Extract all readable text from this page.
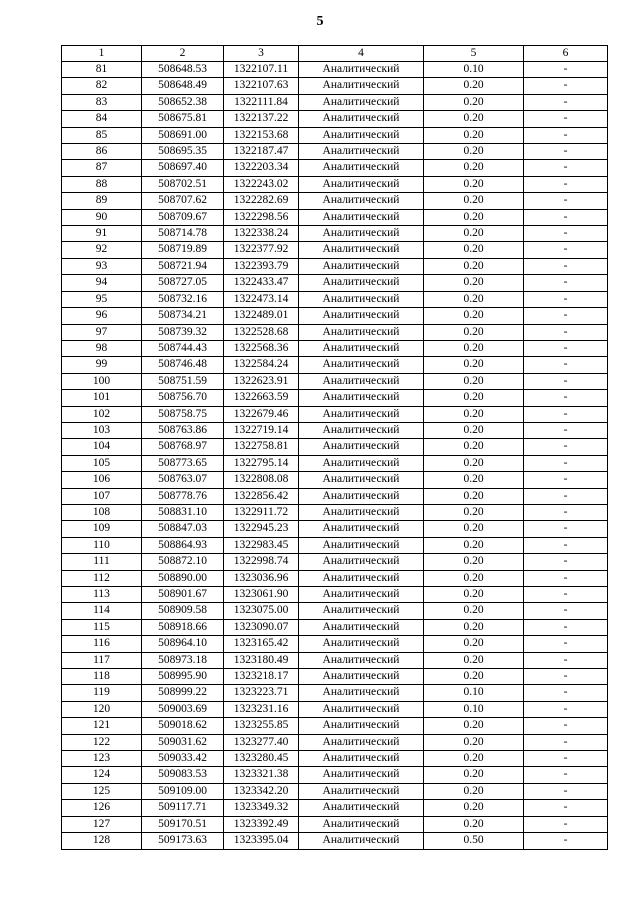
5
1	2	3	4	5	6
81	508648.53	1322107.11	Аналитический	0.10	-
82	508648.49	1322107.63	Аналитический	0.20	-
83	508652.38	1322111.84	Аналитический	0.20	-
84	508675.81	1322137.22	Аналитический	0.20	-
85	508691.00	1322153.68	Аналитический	0.20	-
86	508695.35	1322187.47	Аналитический	0.20	-
87	508697.40	1322203.34	Аналитический	0.20	-
88	508702.51	1322243.02	Аналитический	0.20	-
89	508707.62	1322282.69	Аналитический	0.20	-
90	508709.67	1322298.56	Аналитический	0.20	-
91	508714.78	1322338.24	Аналитический	0.20	-
92	508719.89	1322377.92	Аналитический	0.20	-
93	508721.94	1322393.79	Аналитический	0.20	-
94	508727.05	1322433.47	Аналитический	0.20	-
95	508732.16	1322473.14	Аналитический	0.20	-
96	508734.21	1322489.01	Аналитический	0.20	-
97	508739.32	1322528.68	Аналитический	0.20	-
98	508744.43	1322568.36	Аналитический	0.20	-
99	508746.48	1322584.24	Аналитический	0.20	-
100	508751.59	1322623.91	Аналитический	0.20	-
101	508756.70	1322663.59	Аналитический	0.20	-
102	508758.75	1322679.46	Аналитический	0.20	-
103	508763.86	1322719.14	Аналитический	0.20	-
104	508768.97	1322758.81	Аналитический	0.20	-
105	508773.65	1322795.14	Аналитический	0.20	-
106	508763.07	1322808.08	Аналитический	0.20	-
107	508778.76	1322856.42	Аналитический	0.20	-
108	508831.10	1322911.72	Аналитический	0.20	-
109	508847.03	1322945.23	Аналитический	0.20	-
110	508864.93	1322983.45	Аналитический	0.20	-
111	508872.10	1322998.74	Аналитический	0.20	-
112	508890.00	1323036.96	Аналитический	0.20	-
113	508901.67	1323061.90	Аналитический	0.20	-
114	508909.58	1323075.00	Аналитический	0.20	-
115	508918.66	1323090.07	Аналитический	0.20	-
116	508964.10	1323165.42	Аналитический	0.20	-
117	508973.18	1323180.49	Аналитический	0.20	-
118	508995.90	1323218.17	Аналитический	0.20	-
119	508999.22	1323223.71	Аналитический	0.10	-
120	509003.69	1323231.16	Аналитический	0.10	-
121	509018.62	1323255.85	Аналитический	0.20	-
122	509031.62	1323277.40	Аналитический	0.20	-
123	509033.42	1323280.45	Аналитический	0.20	-
124	509083.53	1323321.38	Аналитический	0.20	-
125	509109.00	1323342.20	Аналитический	0.20	-
126	509117.71	1323349.32	Аналитический	0.20	-
127	509170.51	1323392.49	Аналитический	0.20	-
128	509173.63	1323395.04	Аналитический	0.50	-
